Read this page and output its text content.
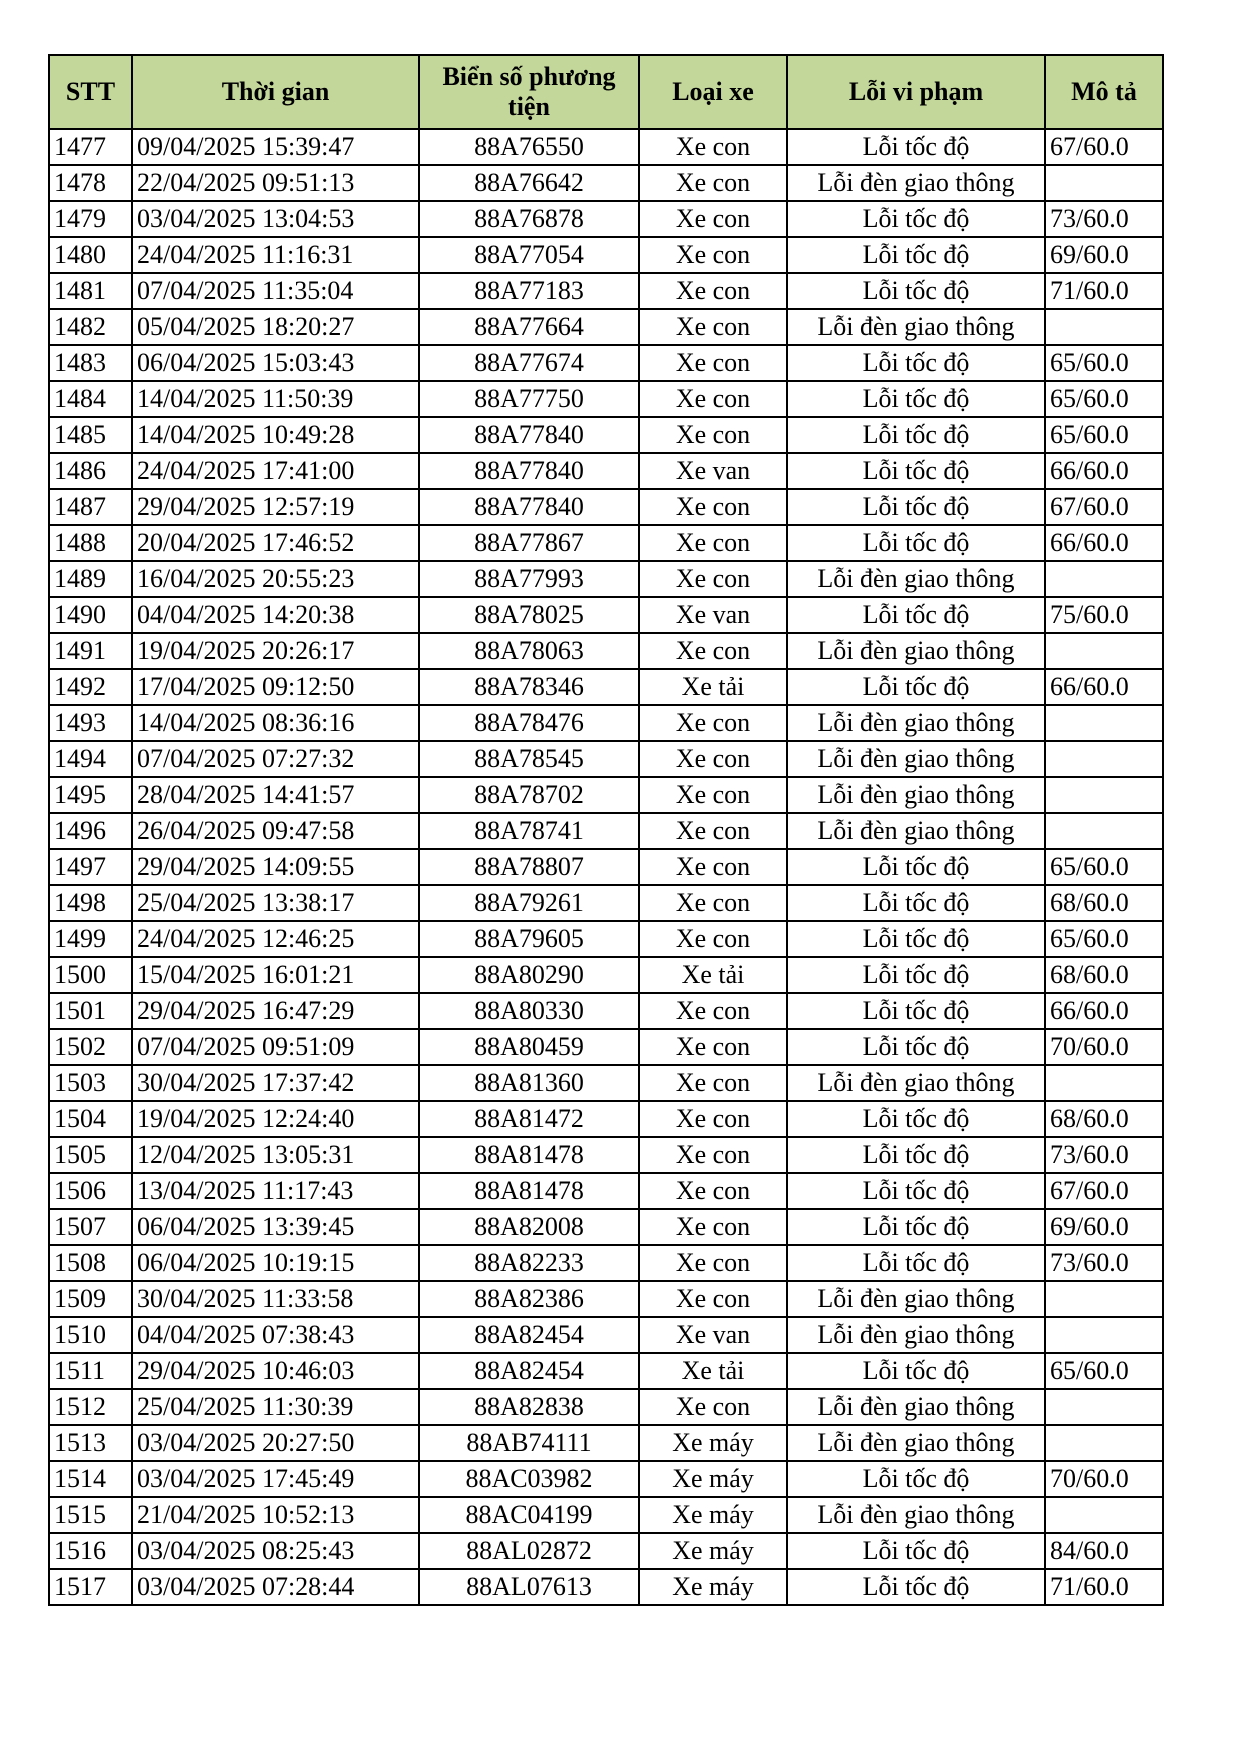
STT	Thời gian	Biển số phương tiện	Loại xe	Lỗi vi phạm	Mô tả
1477	09/04/2025 15:39:47	88A76550	Xe con	Lỗi tốc độ	67/60.0
1478	22/04/2025 09:51:13	88A76642	Xe con	Lỗi đèn giao thông	
1479	03/04/2025 13:04:53	88A76878	Xe con	Lỗi tốc độ	73/60.0
1480	24/04/2025 11:16:31	88A77054	Xe con	Lỗi tốc độ	69/60.0
1481	07/04/2025 11:35:04	88A77183	Xe con	Lỗi tốc độ	71/60.0
1482	05/04/2025 18:20:27	88A77664	Xe con	Lỗi đèn giao thông	
1483	06/04/2025 15:03:43	88A77674	Xe con	Lỗi tốc độ	65/60.0
1484	14/04/2025 11:50:39	88A77750	Xe con	Lỗi tốc độ	65/60.0
1485	14/04/2025 10:49:28	88A77840	Xe con	Lỗi tốc độ	65/60.0
1486	24/04/2025 17:41:00	88A77840	Xe van	Lỗi tốc độ	66/60.0
1487	29/04/2025 12:57:19	88A77840	Xe con	Lỗi tốc độ	67/60.0
1488	20/04/2025 17:46:52	88A77867	Xe con	Lỗi tốc độ	66/60.0
1489	16/04/2025 20:55:23	88A77993	Xe con	Lỗi đèn giao thông	
1490	04/04/2025 14:20:38	88A78025	Xe van	Lỗi tốc độ	75/60.0
1491	19/04/2025 20:26:17	88A78063	Xe con	Lỗi đèn giao thông	
1492	17/04/2025 09:12:50	88A78346	Xe tải	Lỗi tốc độ	66/60.0
1493	14/04/2025 08:36:16	88A78476	Xe con	Lỗi đèn giao thông	
1494	07/04/2025 07:27:32	88A78545	Xe con	Lỗi đèn giao thông	
1495	28/04/2025 14:41:57	88A78702	Xe con	Lỗi đèn giao thông	
1496	26/04/2025 09:47:58	88A78741	Xe con	Lỗi đèn giao thông	
1497	29/04/2025 14:09:55	88A78807	Xe con	Lỗi tốc độ	65/60.0
1498	25/04/2025 13:38:17	88A79261	Xe con	Lỗi tốc độ	68/60.0
1499	24/04/2025 12:46:25	88A79605	Xe con	Lỗi tốc độ	65/60.0
1500	15/04/2025 16:01:21	88A80290	Xe tải	Lỗi tốc độ	68/60.0
1501	29/04/2025 16:47:29	88A80330	Xe con	Lỗi tốc độ	66/60.0
1502	07/04/2025 09:51:09	88A80459	Xe con	Lỗi tốc độ	70/60.0
1503	30/04/2025 17:37:42	88A81360	Xe con	Lỗi đèn giao thông	
1504	19/04/2025 12:24:40	88A81472	Xe con	Lỗi tốc độ	68/60.0
1505	12/04/2025 13:05:31	88A81478	Xe con	Lỗi tốc độ	73/60.0
1506	13/04/2025 11:17:43	88A81478	Xe con	Lỗi tốc độ	67/60.0
1507	06/04/2025 13:39:45	88A82008	Xe con	Lỗi tốc độ	69/60.0
1508	06/04/2025 10:19:15	88A82233	Xe con	Lỗi tốc độ	73/60.0
1509	30/04/2025 11:33:58	88A82386	Xe con	Lỗi đèn giao thông	
1510	04/04/2025 07:38:43	88A82454	Xe van	Lỗi đèn giao thông	
1511	29/04/2025 10:46:03	88A82454	Xe tải	Lỗi tốc độ	65/60.0
1512	25/04/2025 11:30:39	88A82838	Xe con	Lỗi đèn giao thông	
1513	03/04/2025 20:27:50	88AB74111	Xe máy	Lỗi đèn giao thông	
1514	03/04/2025 17:45:49	88AC03982	Xe máy	Lỗi tốc độ	70/60.0
1515	21/04/2025 10:52:13	88AC04199	Xe máy	Lỗi đèn giao thông	
1516	03/04/2025 08:25:43	88AL02872	Xe máy	Lỗi tốc độ	84/60.0
1517	03/04/2025 07:28:44	88AL07613	Xe máy	Lỗi tốc độ	71/60.0
